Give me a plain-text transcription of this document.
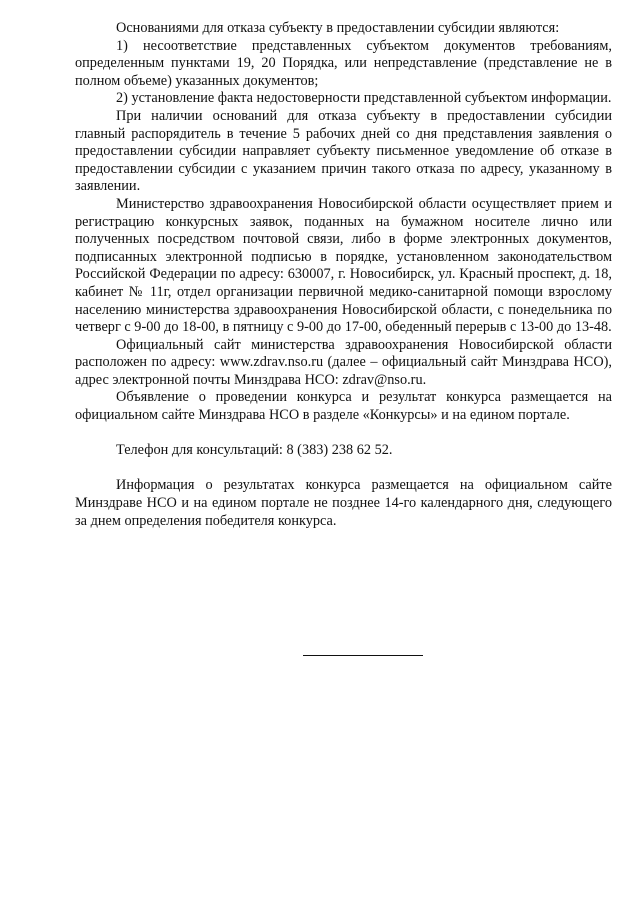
Основаниями для отказа субъекту в предоставлении субсидии являются:

1) несоответствие представленных субъектом документов требованиям, определенным пунктами 19, 20 Порядка, или непредставление (представление не в полном объеме) указанных документов;

2) установление факта недостоверности представленной субъектом информации.

При наличии оснований для отказа субъекту в предоставлении субсидии главный распорядитель в течение 5 рабочих дней со дня представления заявления о предоставлении субсидии направляет субъекту письменное уведомление об отказе в предоставлении субсидии с указанием причин такого отказа по адресу, указанному в заявлении.

Министерство здравоохранения Новосибирской области осуществляет прием и регистрацию конкурсных заявок, поданных на бумажном носителе лично или полученных посредством почтовой связи, либо в форме электронных документов, подписанных электронной подписью в порядке, установленном законодательством Российской Федерации по адресу: 630007, г. Новосибирск, ул. Красный проспект, д. 18, кабинет № 11г, отдел организации первичной медико-санитарной помощи взрослому населению министерства здравоохранения Новосибирской области, с понедельника по четверг с 9-00 до 18-00, в пятницу с 9-00 до 17-00, обеденный перерыв с 13-00 до 13-48.

Официальный сайт министерства здравоохранения Новосибирской области расположен по адресу: www.zdrav.nso.ru (далее – официальный сайт Минздрава НСО), адрес электронной почты Минздрава НСО: zdrav@nso.ru.

Объявление о проведении конкурса и результат конкурса размещается на официальном сайте Минздрава НСО в разделе «Конкурсы» и на едином портале.

Телефон для консультаций: 8 (383) 238 62 52.

Информация о результатах конкурса размещается на официальном сайте Минздраве НСО и на едином портале не позднее 14-го календарного дня, следующего за днем определения победителя конкурса.
